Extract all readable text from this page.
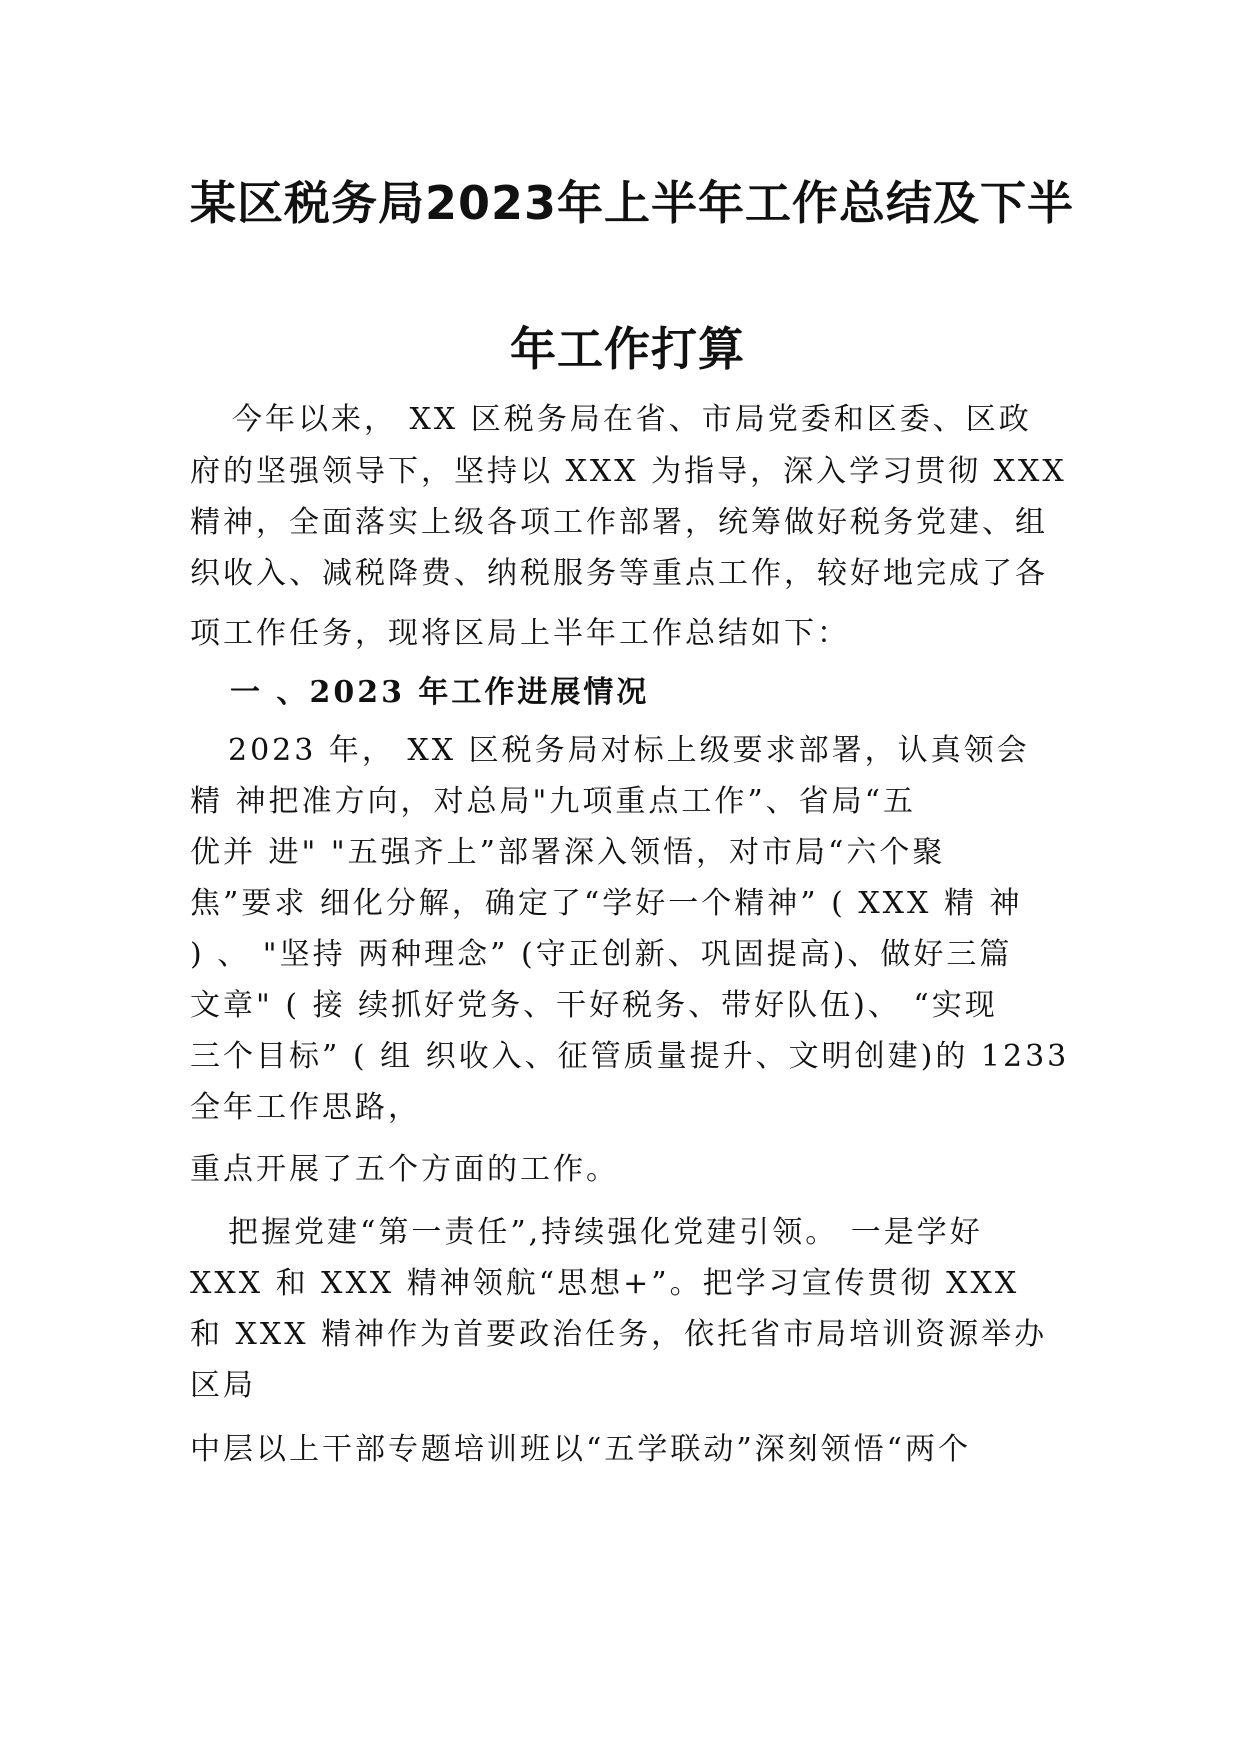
某区税务局2023年上半年工作总结及下半
年工作打算
今年以来， XX 区税务局在省、市局党委和区委、区政
府的坚强领导下，坚持以 XXX 为指导，深入学习贯彻 XXX
精神，全面落实上级各项工作部署，统筹做好税务党建、组
织收入、减税降费、纳税服务等重点工作，较好地完成了各
项工作任务，现将区局上半年工作总结如下：
一 、2023 年工作进展情况
2023 年， XX 区税务局对标上级要求部署，认真领会
精 神把准方向，对总局"九项重点工作”、省局“五
优并 进" "五强齐上”部署深入领悟，对市局“六个聚
焦”要求 细化分解，确定了“学好一个精神” ( XXX 精 神
) 、 "坚持 两种理念” (守正创新、巩固提高)、做好三篇
文章" ( 接 续抓好党务、干好税务、带好队伍)、 “实现
三个目标” ( 组 织收入、征管质量提升、文明创建)的 1233
全年工作思路，
重点开展了五个方面的工作。
把握党建“第一责任”,持续强化党建引领。 一是学好
XXX 和 XXX 精神领航“思想+”。把学习宣传贯彻 XXX
和 XXX 精神作为首要政治任务，依托省市局培训资源举办
区局
中层以上干部专题培训班以“五学联动”深刻领悟“两个
